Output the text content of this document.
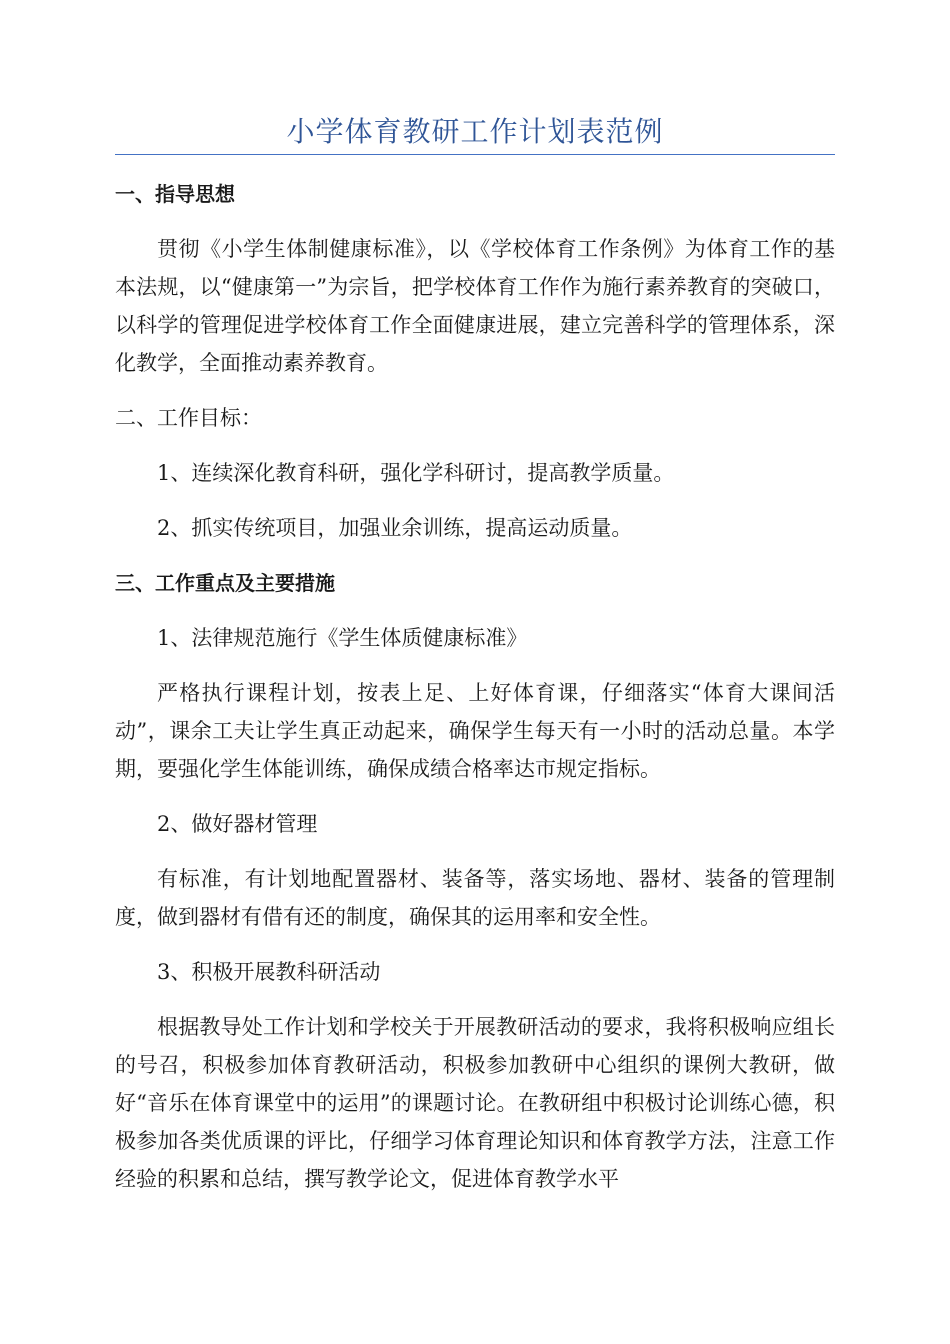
小学体育教研工作计划表范例

一、指导思想

贯彻《小学生体制健康标准》，以《学校体育工作条例》为体育工作的基本法规，以“健康第一”为宗旨，把学校体育工作作为施行素养教育的突破口，以科学的管理促进学校体育工作全面健康进展，建立完善科学的管理体系，深化教学，全面推动素养教育。

二、工作目标：

1、连续深化教育科研，强化学科研讨，提高教学质量。

2、抓实传统项目，加强业余训练，提高运动质量。

三、工作重点及主要措施

1、法律规范施行《学生体质健康标准》

严格执行课程计划，按表上足、上好体育课，仔细落实“体育大课间活动”，课余工夫让学生真正动起来，确保学生每天有一小时的活动总量。本学期，要强化学生体能训练，确保成绩合格率达市规定指标。

2、做好器材管理

有标准，有计划地配置器材、装备等，落实场地、器材、装备的管理制度，做到器材有借有还的制度，确保其的运用率和安全性。

3、积极开展教科研活动

根据教导处工作计划和学校关于开展教研活动的要求，我将积极响应组长的号召，积极参加体育教研活动，积极参加教研中心组织的课例大教研，做好“音乐在体育课堂中的运用”的课题讨论。在教研组中积极讨论训练心德，积极参加各类优质课的评比，仔细学习体育理论知识和体育教学方法，注意工作经验的积累和总结，撰写教学论文，促进体育教学水平
